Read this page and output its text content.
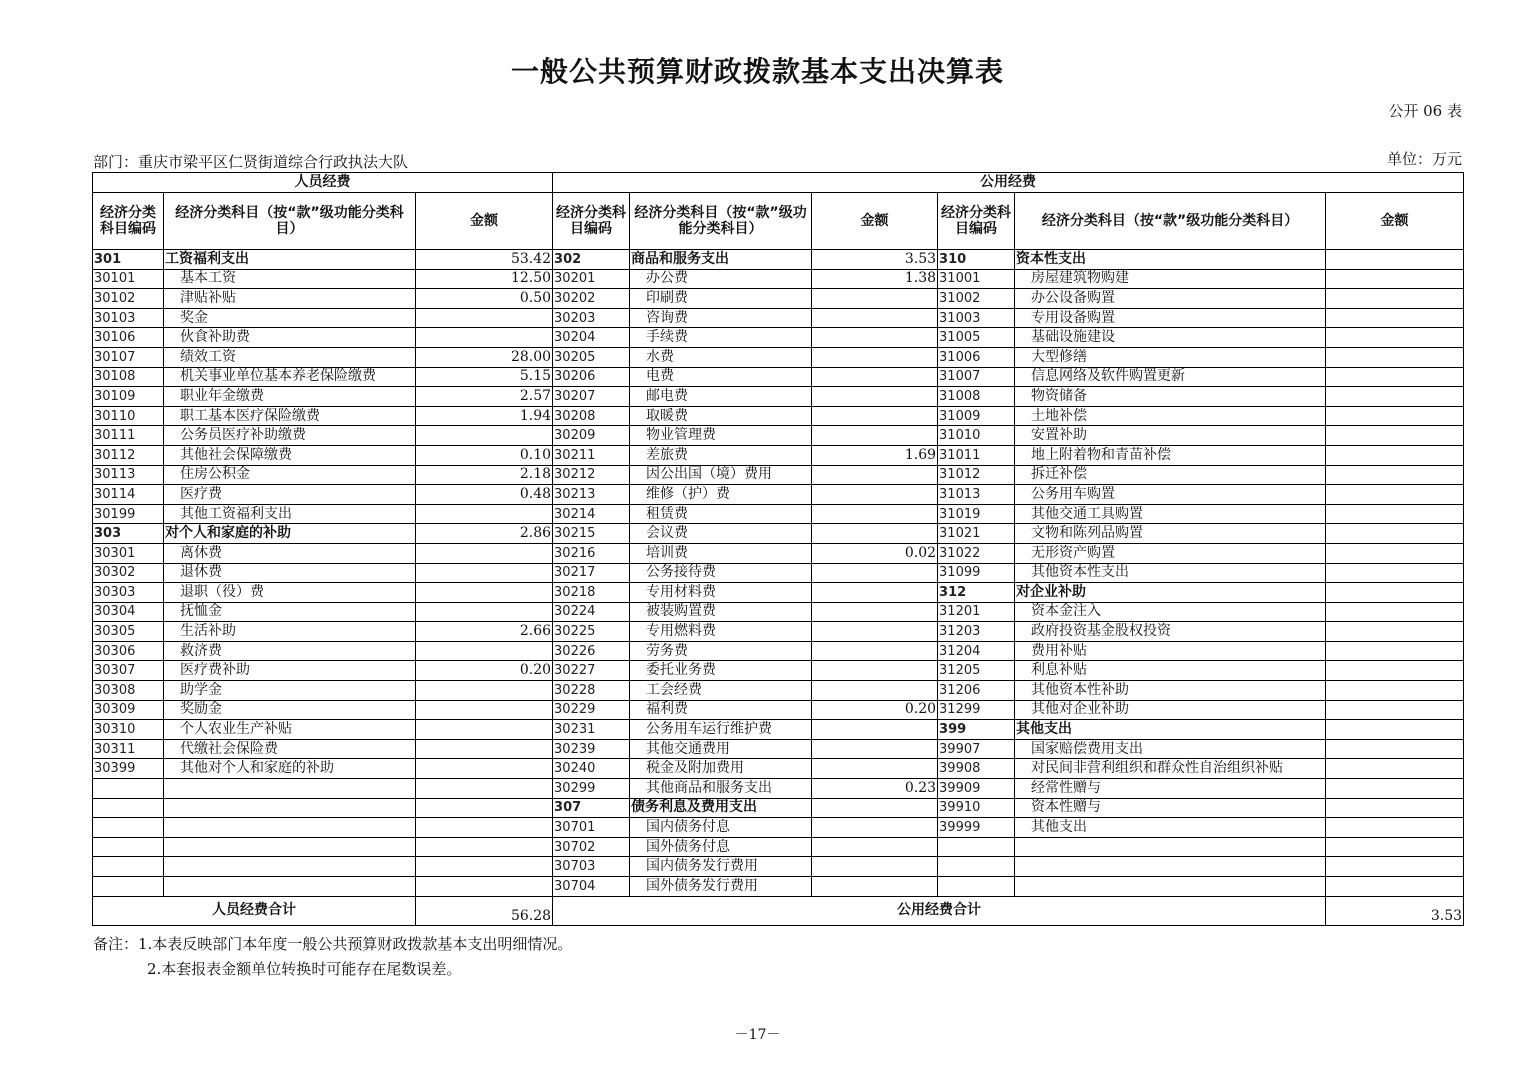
一般公共预算财政拨款基本支出决算表
公开 06 表
部门：重庆市梁平区仁贤街道综合行政执法大队	单位：万元
人员经费			公用经费					
经济分类科目编码	经济分类科目（按“款”级功能分类科目）	金额	经济分类科目编码	经济分类科目（按“款”级功能分类科目）	金额	经济分类科目编码	经济分类科目（按“款”级功能分类科目）	金额
301	工资福利支出	53.42	302	商品和服务支出	3.53	310	资本性支出	
30101	基本工资	12.50	30201	办公费	1.38	31001	房屋建筑物购建	
30102	津贴补贴	0.50	30202	印刷费		31002	办公设备购置	
30103	奖金		30203	咨询费		31003	专用设备购置	
30106	伙食补助费		30204	手续费		31005	基础设施建设	
30107	绩效工资	28.00	30205	水费		31006	大型修缮	
30108	机关事业单位基本养老保险缴费	5.15	30206	电费		31007	信息网络及软件购置更新	
30109	职业年金缴费	2.57	30207	邮电费		31008	物资储备	
30110	职工基本医疗保险缴费	1.94	30208	取暖费		31009	土地补偿	
30111	公务员医疗补助缴费		30209	物业管理费		31010	安置补助	
30112	其他社会保障缴费	0.10	30211	差旅费	1.69	31011	地上附着物和青苗补偿	
30113	住房公积金	2.18	30212	因公出国（境）费用		31012	拆迁补偿	
30114	医疗费	0.48	30213	维修（护）费		31013	公务用车购置	
30199	其他工资福利支出		30214	租赁费		31019	其他交通工具购置	
303	对个人和家庭的补助	2.86	30215	会议费		31021	文物和陈列品购置	
30301	离休费		30216	培训费	0.02	31022	无形资产购置	
30302	退休费		30217	公务接待费		31099	其他资本性支出	
30303	退职（役）费		30218	专用材料费		312	对企业补助	
30304	抚恤金		30224	被装购置费		31201	资本金注入	
30305	生活补助	2.66	30225	专用燃料费		31203	政府投资基金股权投资	
30306	救济费		30226	劳务费		31204	费用补贴	
30307	医疗费补助	0.20	30227	委托业务费		31205	利息补贴	
30308	助学金		30228	工会经费		31206	其他资本性补助	
30309	奖励金		30229	福利费	0.20	31299	其他对企业补助	
30310	个人农业生产补贴		30231	公务用车运行维护费		399	其他支出	
30311	代缴社会保险费		30239	其他交通费用		39907	国家赔偿费用支出	
30399	其他对个人和家庭的补助		30240	税金及附加费用		39908	对民间非营利组织和群众性自治组织补贴	
			30299	其他商品和服务支出	0.23	39909	经常性赠与	
			307	债务利息及费用支出		39910	资本性赠与	
			30701	国内债务付息		39999	其他支出	
			30702	国外债务付息				
			30703	国内债务发行费用				
			30704	国外债务发行费用				
人员经费合计		56.28	公用经费合计					3.53
备注：1.本表反映部门本年度一般公共预算财政拨款基本支出明细情况。
2.本套报表金额单位转换时可能存在尾数误差。
－17－
